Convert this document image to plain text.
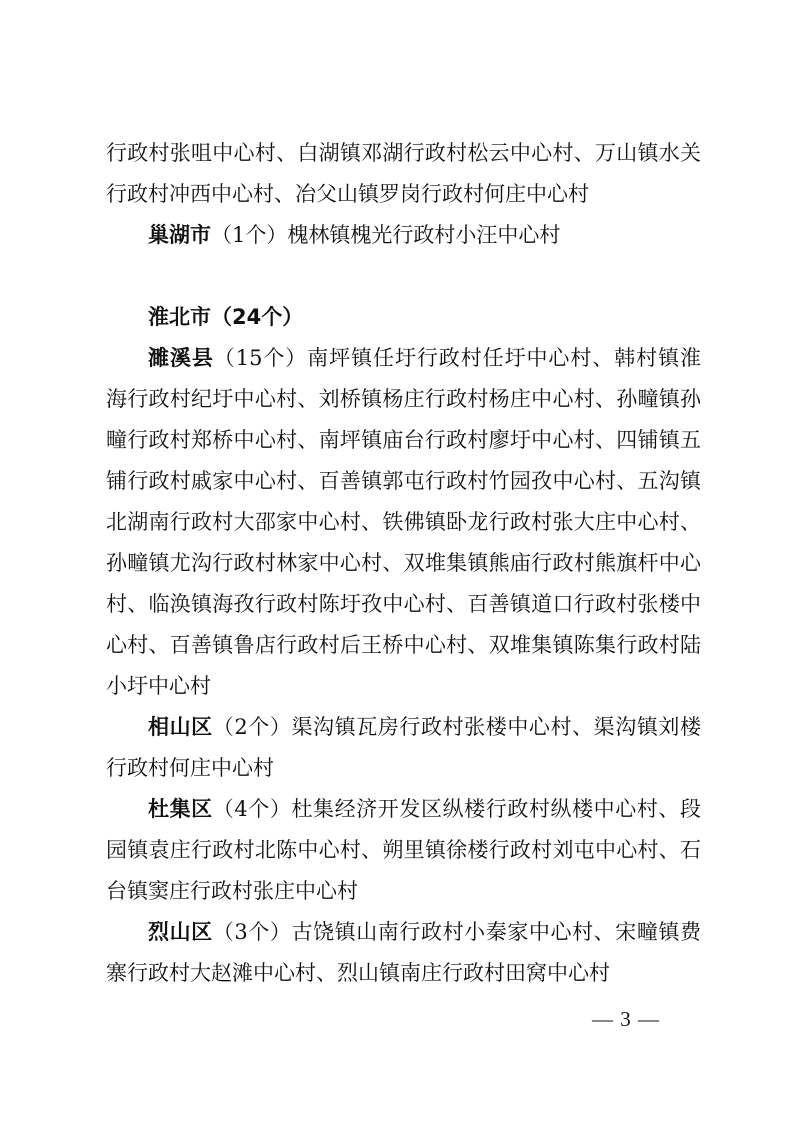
行政村张咀中心村、白湖镇邓湖行政村松云中心村、万山镇水关
行政村冲西中心村、冶父山镇罗岗行政村何庄中心村
巢湖市（1个）槐林镇槐光行政村小汪中心村
淮北市（24个）
濉溪县（15个）南坪镇任圩行政村任圩中心村、韩村镇淮
海行政村纪圩中心村、刘桥镇杨庄行政村杨庄中心村、孙疃镇孙
疃行政村郑桥中心村、南坪镇庙台行政村廖圩中心村、四铺镇五
铺行政村戚家中心村、百善镇郭屯行政村竹园孜中心村、五沟镇
北湖南行政村大邵家中心村、铁佛镇卧龙行政村张大庄中心村、
孙疃镇尤沟行政村林家中心村、双堆集镇熊庙行政村熊旗杆中心
村、临涣镇海孜行政村陈圩孜中心村、百善镇道口行政村张楼中
心村、百善镇鲁店行政村后王桥中心村、双堆集镇陈集行政村陆
小圩中心村
相山区（2个）渠沟镇瓦房行政村张楼中心村、渠沟镇刘楼
行政村何庄中心村
杜集区（4个）杜集经济开发区纵楼行政村纵楼中心村、段
园镇袁庄行政村北陈中心村、朔里镇徐楼行政村刘屯中心村、石
台镇窦庄行政村张庄中心村
烈山区（3个）古饶镇山南行政村小秦家中心村、宋疃镇费
寨行政村大赵滩中心村、烈山镇南庄行政村田窝中心村
— 3 —
